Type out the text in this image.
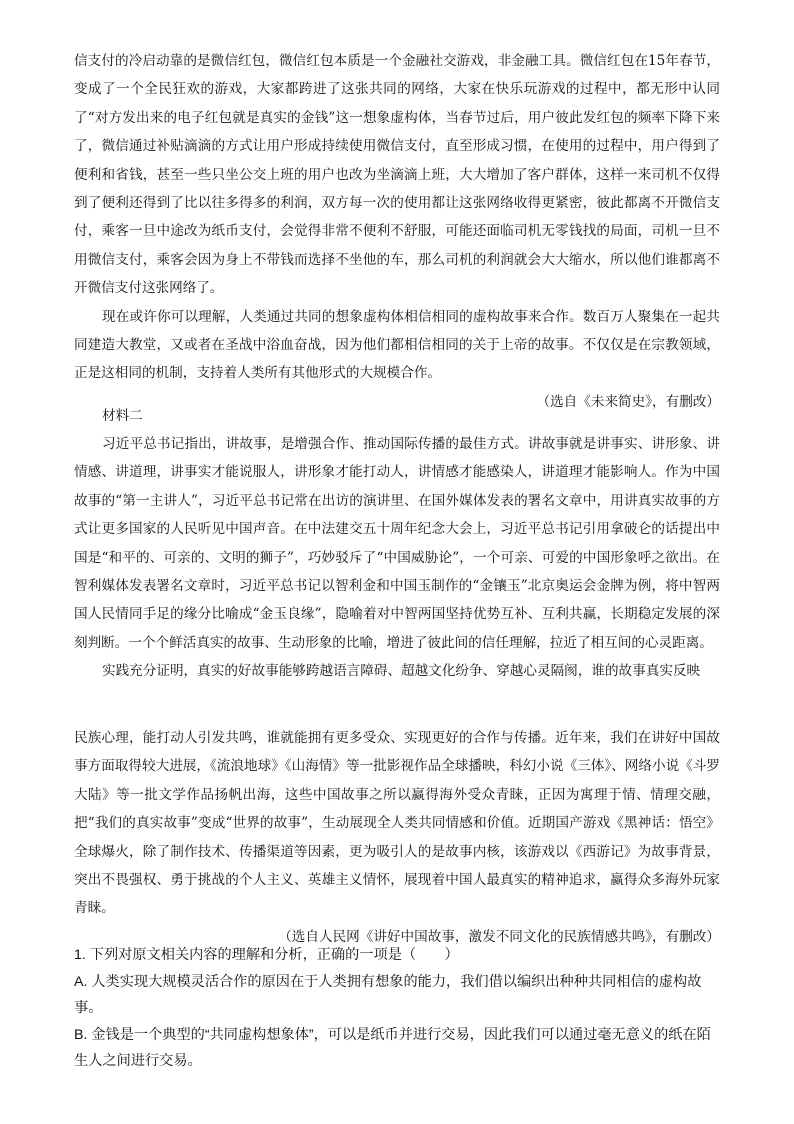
信支付的冷启动靠的是微信红包，微信红包本质是一个金融社交游戏，非金融工具。微信红包在15年春节，变成了一个全民狂欢的游戏，大家都跨进了这张共同的网络，大家在快乐玩游戏的过程中，都无形中认同了“对方发出来的电子红包就是真实的金钱”这一想象虚构体，当春节过后，用户彼此发红包的频率下降下来了，微信通过补贴滴滴的方式让用户形成持续使用微信支付，直至形成习惯，在使用的过程中，用户得到了便利和省钱，甚至一些只坐公交上班的用户也改为坐滴滴上班，大大增加了客户群体，这样一来司机不仅得到了便利还得到了比以往多得多的利润，双方每一次的使用都让这张网络收得更紧密，彼此都离不开微信支付，乘客一旦中途改为纸币支付，会觉得非常不便利不舒服，可能还面临司机无零钱找的局面，司机一旦不用微信支付，乘客会因为身上不带钱而选择不坐他的车，那么司机的利润就会大大缩水，所以他们谁都离不开微信支付这张网络了。

现在或许你可以理解，人类通过共同的想象虚构体相信相同的虚构故事来合作。数百万人聚集在一起共同建造大教堂，又或者在圣战中浴血奋战，因为他们都相信相同的关于上帝的故事。不仅仅是在宗教领域，正是这相同的机制，支持着人类所有其他形式的大规模合作。

（选自《未来简史》，有删改）

材料二

习近平总书记指出，讲故事，是增强合作、推动国际传播的最佳方式。讲故事就是讲事实、讲形象、讲情感、讲道理，讲事实才能说服人，讲形象才能打动人，讲情感才能感染人，讲道理才能影响人。作为中国故事的“第一主讲人”，习近平总书记常在出访的演讲里、在国外媒体发表的署名文章中，用讲真实故事的方式让更多国家的人民听见中国声音。在中法建交五十周年纪念大会上，习近平总书记引用拿破仑的话提出中国是“和平的、可亲的、文明的狮子”，巧妙驳斥了“中国威胁论”，一个可亲、可爱的中国形象呼之欲出。在智利媒体发表署名文章时，习近平总书记以智利金和中国玉制作的“金镶玉”北京奥运会金牌为例，将中智两国人民情同手足的缘分比喻成“金玉良缘”，隐喻着对中智两国坚持优势互补、互利共赢，长期稳定发展的深刻判断。一个个鲜活真实的故事、生动形象的比喻，增进了彼此间的信任理解，拉近了相互间的心灵距离。

实践充分证明，真实的好故事能够跨越语言障碍、超越文化纷争、穿越心灵隔阂，谁的故事真实反映

民族心理，能打动人引发共鸣，谁就能拥有更多受众、实现更好的合作与传播。近年来，我们在讲好中国故事方面取得较大进展，《流浪地球》《山海情》等一批影视作品全球播映，科幻小说《三体》、网络小说《斗罗大陆》等一批文学作品扬帆出海，这些中国故事之所以赢得海外受众青睐，正因为寓理于情、情理交融，把“我们的真实故事”变成“世界的故事”，生动展现全人类共同情感和价值。近期国产游戏《黑神话：悟空》全球爆火，除了制作技术、传播渠道等因素，更为吸引人的是故事内核，该游戏以《西游记》为故事背景，突出不畏强权、勇于挑战的个人主义、英雄主义情怀，展现着中国人最真实的精神追求，赢得众多海外玩家青睐。

（选自人民网《讲好中国故事，激发不同文化的民族情感共鸣》，有删改）

1. 下列对原文相关内容的理解和分析，正确的一项是（　　）

A. 人类实现大规模灵活合作的原因在于人类拥有想象的能力，我们借以编织出种种共同相信的虚构故事。

B. 金钱是一个典型的“共同虚构想象体”，可以是纸币并进行交易，因此我们可以通过毫无意义的纸在陌生人之间进行交易。
